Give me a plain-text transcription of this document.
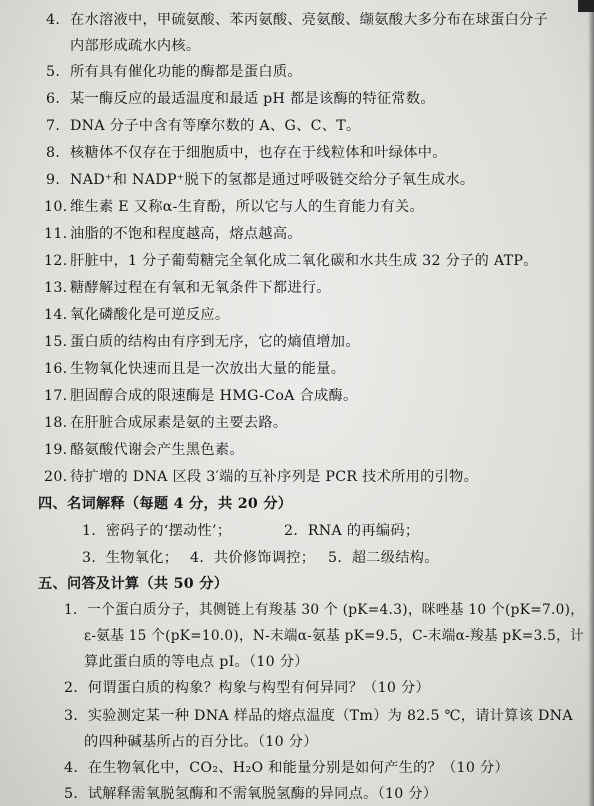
4. 在水溶液中，甲硫氨酸、苯丙氨酸、亮氨酸、缬氨酸大多分布在球蛋白分子
内部形成疏水内核。
5. 所有具有催化功能的酶都是蛋白质。
6. 某一酶反应的最适温度和最适 pH 都是该酶的特征常数。
7. DNA 分子中含有等摩尔数的 A、G、C、T。
8. 核糖体不仅存在于细胞质中，也存在于线粒体和叶绿体中。
9. NAD⁺和 NADP⁺脱下的氢都是通过呼吸链交给分子氧生成水。
10. 维生素 E 又称α-生育酚，所以它与人的生育能力有关。
11. 油脂的不饱和程度越高，熔点越高。
12. 肝脏中，1 分子葡萄糖完全氧化成二氧化碳和水共生成 32 分子的 ATP。
13. 糖酵解过程在有氧和无氧条件下都进行。
14. 氧化磷酸化是可逆反应。
15. 蛋白质的结构由有序到无序，它的熵值增加。
16. 生物氧化快速而且是一次放出大量的能量。
17. 胆固醇合成的限速酶是 HMG-CoA 合成酶。
18. 在肝脏合成尿素是氨的主要去路。
19. 酪氨酸代谢会产生黑色素。
20. 待扩增的 DNA 区段 3′端的互补序列是 PCR 技术所用的引物。
四、名词解释（每题 4 分，共 20 分）
1．密码子的‘摆动性’；	2．RNA 的再编码；
3．生物氧化； 4．共价修饰调控； 5．超二级结构。
五、问答及计算（共 50 分）
1．一个蛋白质分子，其侧链上有羧基 30 个 (pK=4.3)，咪唑基 10 个(pK=7.0)，
ε-氨基 15 个(pK=10.0)，N-末端α-氨基 pK=9.5，C-末端α-羧基 pK=3.5，计
算此蛋白质的等电点 pI。（10 分）
2．何谓蛋白质的构象？构象与构型有何异同？（10 分）
3．实验测定某一种 DNA 样品的熔点温度（Tm）为 82.5 ℃，请计算该 DNA
的四种碱基所占的百分比。（10 分）
4．在生物氧化中，CO₂、H₂O 和能量分别是如何产生的？（10 分）
5．试解释需氧脱氢酶和不需氧脱氢酶的异同点。（10 分）
